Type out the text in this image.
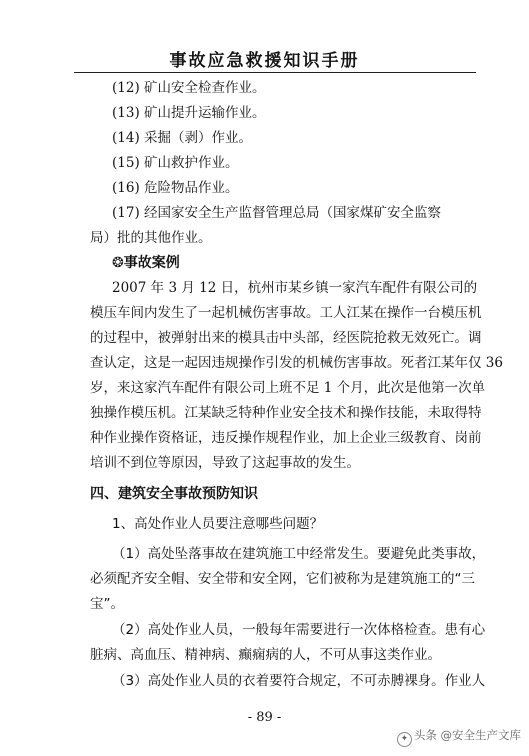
事故应急救援知识手册
(12) 矿山安全检查作业。
(13) 矿山提升运输作业。
(14) 采掘（剥）作业。
(15) 矿山救护作业。
(16) 危险物品作业。
(17) 经国家安全生产监督管理总局（国家煤矿安全监察
局）批的其他作业。
❂事故案例
2007 年 3 月 12 日，杭州市某乡镇一家汽车配件有限公司的
模压车间内发生了一起机械伤害事故。工人江某在操作一台模压机
的过程中，被弹射出来的模具击中头部，经医院抢救无效死亡。调
查认定，这是一起因违规操作引发的机械伤害事故。死者江某年仅 36
岁，来这家汽车配件有限公司上班不足 1 个月，此次是他第一次单
独操作模压机。江某缺乏特种作业安全技术和操作技能，未取得特
种作业操作资格证，违反操作规程作业，加上企业三级教育、岗前
培训不到位等原因，导致了这起事故的发生。
四、建筑安全事故预防知识
1、高处作业人员要注意哪些问题？
（1）高处坠落事故在建筑施工中经常发生。要避免此类事故，
必须配齐安全帽、安全带和安全网，它们被称为是建筑施工的“三
宝”。
（2）高处作业人员，一般每年需要进行一次体格检查。患有心
脏病、高血压、精神病、癫痫病的人，不可从事这类作业。
（3）高处作业人员的衣着要符合规定，不可赤膊裸身。作业人
- 89 -
✦ 头条 @安全生产文库
